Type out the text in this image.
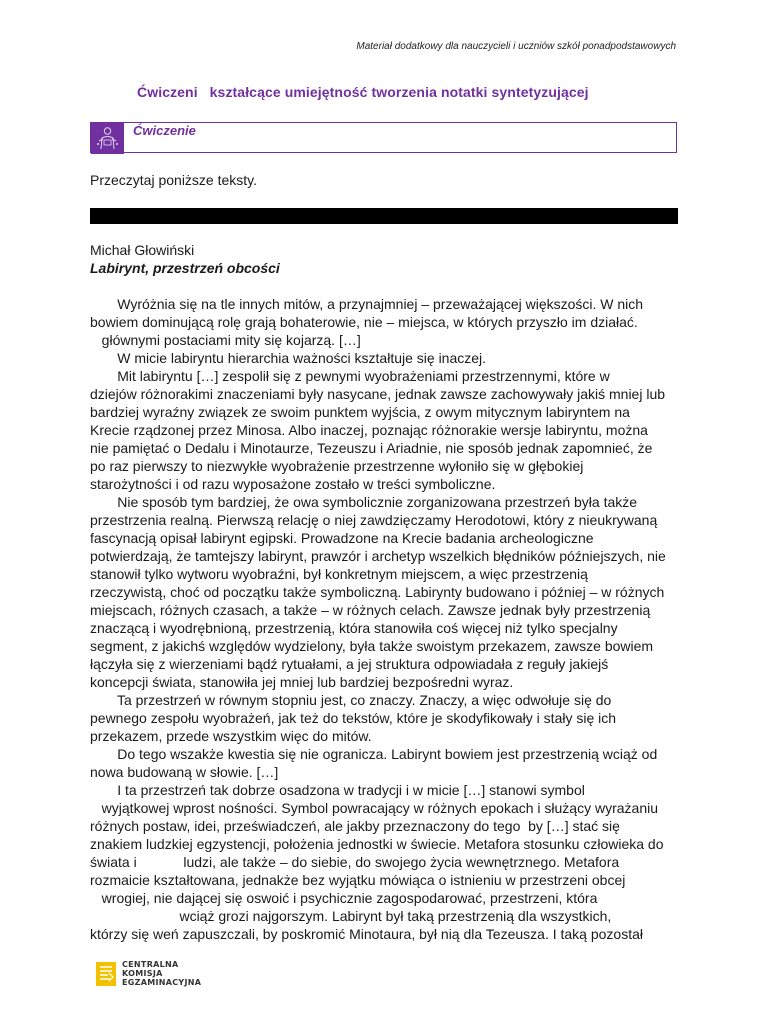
Materiał dodatkowy dla nauczycieli i uczniów szkół ponadpodstawowych
Ćwiczeni   kształcące umiejętność tworzenia notatki syntetyzującej
Ćwiczenie
Przeczytaj poniższe teksty.
Michał Głowiński
Labirynt, przestrzeń obcości
Wyróżnia się na tle innych mitów, a przynajmniej – przeważającej większości. W nich
bowiem dominującą rolę grają bohaterowie, nie – miejsca, w których przyszło im działać.
głównymi postaciami mity się kojarzą. […]
W micie labiryntu hierarchia ważności kształtuje się inaczej.
Mit labiryntu […] zespolił się z pewnymi wyobrażeniami przestrzennymi, które w
dziejów różnorakimi znaczeniami były nasycane, jednak zawsze zachowywały jakiś mniej lub
bardziej wyraźny związek ze swoim punktem wyjścia, z owym mitycznym labiryntem na
Krecie rządzonej przez Minosa. Albo inaczej, poznając różnorakie wersje labiryntu, można
nie pamiętać o Dedalu i Minotaurze, Tezeuszu i Ariadnie, nie sposób jednak zapomnieć, że
po raz pierwszy to niezwykłe wyobrażenie przestrzenne wyłoniło się w głębokiej
starożytności i od razu wyposażone zostało w treści symboliczne.
Nie sposób tym bardziej, że owa symbolicznie zorganizowana przestrzeń była także
przestrzenia realną. Pierwszą relację o niej zawdzięczamy Herodotowi, który z nieukrywaną
fascynacją opisał labirynt egipski. Prowadzone na Krecie badania archeologiczne
potwierdzają, że tamtejszy labirynt, prawzór i archetyp wszelkich błędników późniejszych, nie
stanowił tylko wytworu wyobraźni, był konkretnym miejscem, a więc przestrzenią
rzeczywistą, choć od początku także symboliczną. Labirynty budowano i później – w różnych
miejscach, różnych czasach, a także – w różnych celach. Zawsze jednak były przestrzenią
znaczącą i wyodrębnioną, przestrzenią, która stanowiła coś więcej niż tylko specjalny
segment, z jakichś względów wydzielony, była także swoistym przekazem, zawsze bowiem
łączyła się z wierzeniami bądź rytuałami, a jej struktura odpowiadała z reguły jakiejś
koncepcji świata, stanowiła jej mniej lub bardziej bezpośredni wyraz.
Ta przestrzeń w równym stopniu jest, co znaczy. Znaczy, a więc odwołuje się do
pewnego zespołu wyobrażeń, jak też do tekstów, które je skodyfikowały i stały się ich
przekazem, przede wszystkim więc do mitów.
Do tego wszakże kwestia się nie ogranicza. Labirynt bowiem jest przestrzenią wciąż od
nowa budowaną w słowie. […]
I ta przestrzeń tak dobrze osadzona w tradycji i w micie […] stanowi symbol
wyjątkowej wprost nośności. Symbol powracający w różnych epokach i służący wyrażaniu
różnych postaw, idei, przeświadczeń, ale jakby przeznaczony do tego  by […] stać się
znakiem ludzkiej egzystencji, położenia jednostki w świecie. Metafora stosunku człowieka do
świata i            ludzi, ale także – do siebie, do swojego życia wewnętrznego. Metafora
rozmaicie kształtowana, jednakże bez wyjątku mówiąca o istnieniu w przestrzeni obcej
wrogiej, nie dającej się oswoić i psychicznie zagospodarować, przestrzeni, która
wciąż grozi najgorszym. Labirynt był taką przestrzenią dla wszystkich,
którzy się weń zapuszczali, by poskromić Minotaura, był nią dla Tezeusza. I taką pozostał
CENTRALNA
KOMISJA
EGZAMINACYJNA
